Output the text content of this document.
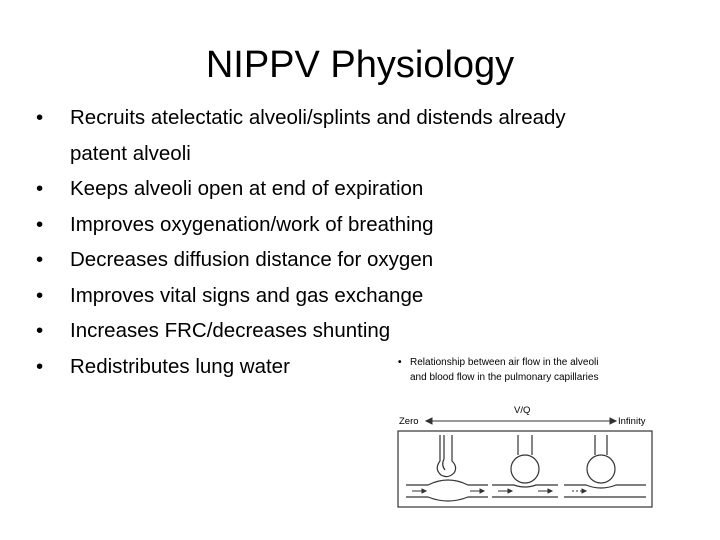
NIPPV Physiology
• Recruits atelectatic alveoli/splints and distends already
patent alveoli
• Keeps alveoli open at end of expiration
• Improves oxygenation/work of breathing
• Decreases diffusion distance for oxygen
• Improves vital signs and gas exchange
• Increases FRC/decreases shunting
• Redistributes lung water	• Relationship between air flow in the alveoli
and blood flow in the pulmonary capillaries
V/Q
Zero	Infinity
